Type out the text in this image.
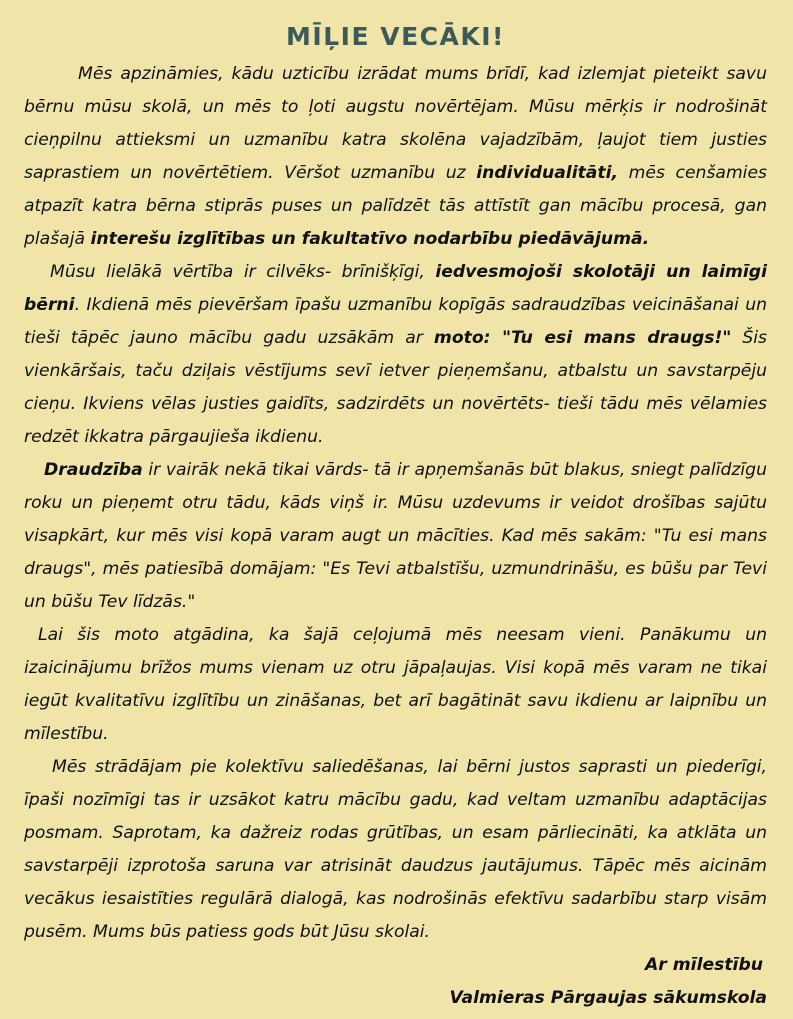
MĪĻIE VECĀKI!

Mēs apzināmies, kādu uzticību izrādat mums brīdī, kad izlemjat pieteikt savu bērnu mūsu skolā, un mēs to ļoti augstu novērtējam. Mūsu mērķis ir nodrošināt cieņpilnu attieksmi un uzmanību katra skolēna vajadzībām, ļaujot tiem justies saprastiem un novērtētiem. Vēršot uzmanību uz individualitāti, mēs cenšamies atpazīt katra bērna stiprās puses un palīdzēt tās attīstīt gan mācību procesā, gan plašajā interešu izglītības un fakultatīvo nodarbību piedāvājumā.

Mūsu lielākā vērtība ir cilvēks- brīnišķīgi, iedvesmojoši skolotāji un laimīgi bērni. Ikdienā mēs pievēršam īpašu uzmanību kopīgās sadraudzības veicināšanai un tieši tāpēc jauno mācību gadu uzsākām ar moto: "Tu esi mans draugs!" Šis vienkāršais, taču dziļais vēstījums sevī ietver pieņemšanu, atbalstu un savstarpēju cieņu. Ikviens vēlas justies gaidīts, sadzirdēts un novērtēts- tieši tādu mēs vēlamies redzēt ikkatra pārgaujieša ikdienu.

Draudzība ir vairāk nekā tikai vārds- tā ir apņemšanās būt blakus, sniegt palīdzīgu roku un pieņemt otru tādu, kāds viņš ir. Mūsu uzdevums ir veidot drošības sajūtu visapkārt, kur mēs visi kopā varam augt un mācīties. Kad mēs sakām: "Tu esi mans draugs", mēs patiesībā domājam: "Es Tevi atbalstīšu, uzmundrināšu, es būšu par Tevi un būšu Tev līdzās."

Lai šis moto atgādina, ka šajā ceļojumā mēs neesam vieni. Panākumu un izaicinājumu brīžos mums vienam uz otru jāpaļaujas. Visi kopā mēs varam ne tikai iegūt kvalitatīvu izglītību un zināšanas, bet arī bagātināt savu ikdienu ar laipnību un mīlestību.

Mēs strādājam pie kolektīvu saliedēšanas, lai bērni justos saprasti un piederīgi, īpaši nozīmīgi tas ir uzsākot katru mācību gadu, kad veltam uzmanību adaptācijas posmam. Saprotam, ka dažreiz rodas grūtības, un esam pārliecināti, ka atklāta un savstarpēji izprotoša saruna var atrisināt daudzus jautājumus. Tāpēc mēs aicinām vecākus iesaistīties regulārā dialogā, kas nodrošinās efektīvu sadarbību starp visām pusēm. Mums būs patiess gods būt Jūsu skolai.

Ar mīlestību

Valmieras Pārgaujas sākumskola
